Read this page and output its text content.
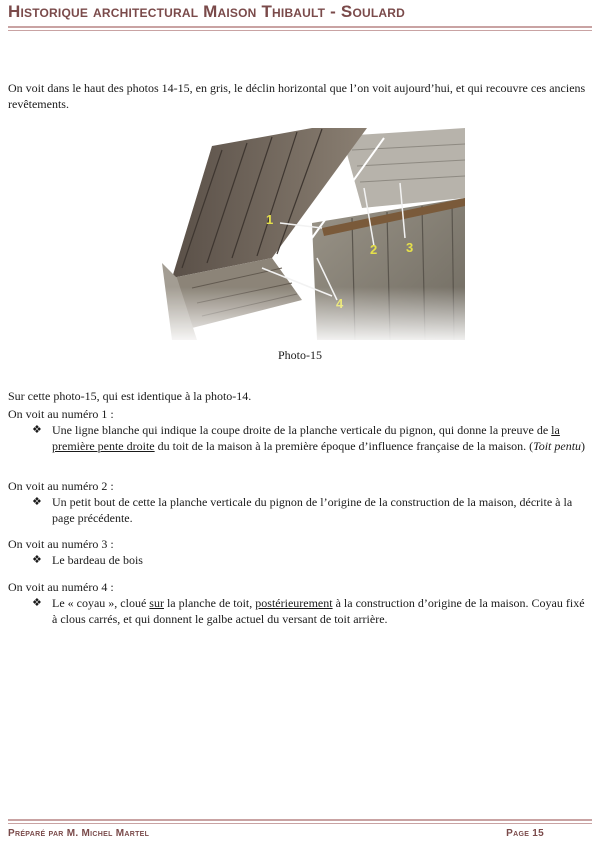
Historique architectural Maison Thibault - Soulard

On voit dans le haut des photos 14-15, en gris, le déclin horizontal que l’on voit aujourd’hui, et qui recouvre ces anciens revêtements.

Photo-15

Sur cette photo-15, qui est identique à la photo-14.

On voit au numéro 1 :
❖ Une ligne blanche qui indique la coupe droite de la planche verticale du pignon, qui donne la preuve de la première pente droite du toit de la maison à la première époque d’influence française de la maison. (Toit pentu)
On voit au numéro 2 :
❖ Un petit bout de cette la planche verticale du pignon de l’origine de la construction de la maison, décrite à la page précédente.
On voit au numéro 3 :
❖ Le bardeau de bois
On voit au numéro 4 :
❖ Le « coyau », cloué sur la planche de toit, postérieurement à la construction d’origine de la maison. Coyau fixé à clous carrés, et qui donnent le galbe actuel du versant de toit arrière.
Préparé par M. Michel Martel	Page 15
